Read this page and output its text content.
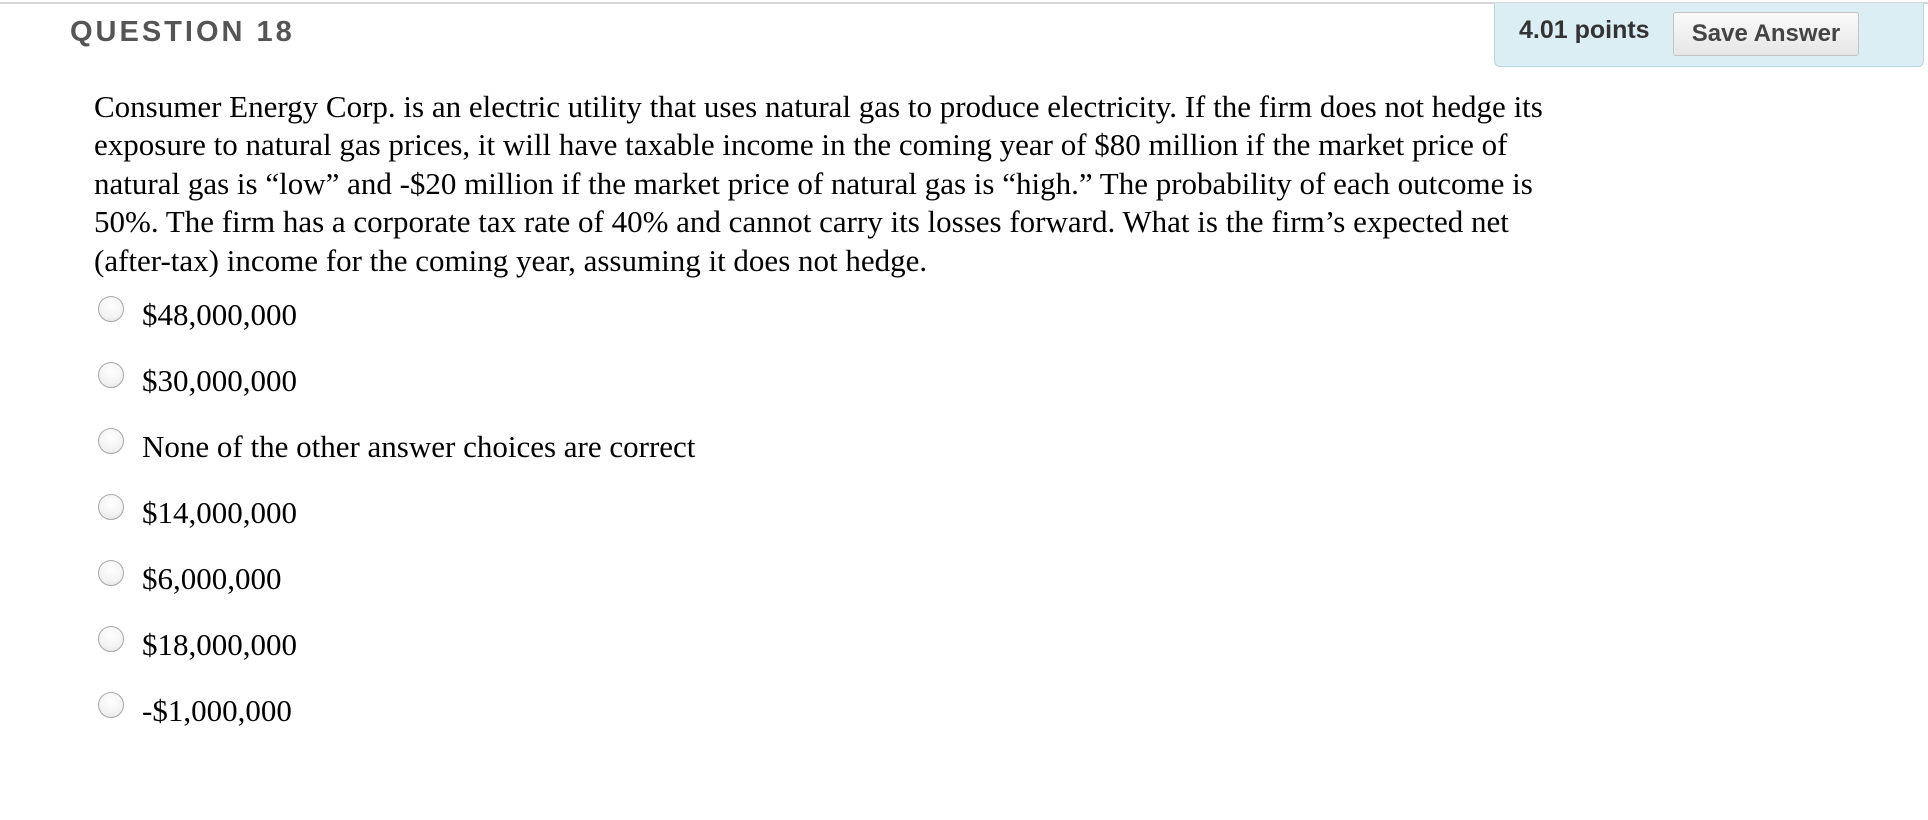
QUESTION 18	4.01 points	Save Answer

Consumer Energy Corp. is an electric utility that uses natural gas to produce electricity. If the firm does not hedge its exposure to natural gas prices, it will have taxable income in the coming year of $80 million if the market price of natural gas is “low” and -$20 million if the market price of natural gas is “high.” The probability of each outcome is 50%. The firm has a corporate tax rate of 40% and cannot carry its losses forward. What is the firm’s expected net (after-tax) income for the coming year, assuming it does not hedge.

$48,000,000
$30,000,000
None of the other answer choices are correct
$14,000,000
$6,000,000
$18,000,000
-$1,000,000
